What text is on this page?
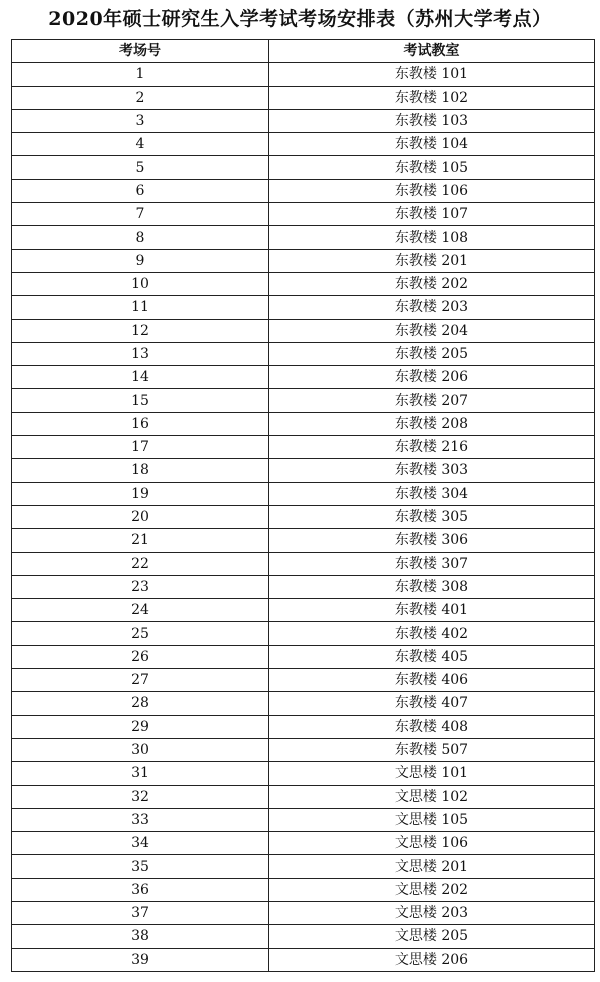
2020年硕士研究生入学考试考场安排表（苏州大学考点）
考场号	考试教室
1	东教楼 101
2	东教楼 102
3	东教楼 103
4	东教楼 104
5	东教楼 105
6	东教楼 106
7	东教楼 107
8	东教楼 108
9	东教楼 201
10	东教楼 202
11	东教楼 203
12	东教楼 204
13	东教楼 205
14	东教楼 206
15	东教楼 207
16	东教楼 208
17	东教楼 216
18	东教楼 303
19	东教楼 304
20	东教楼 305
21	东教楼 306
22	东教楼 307
23	东教楼 308
24	东教楼 401
25	东教楼 402
26	东教楼 405
27	东教楼 406
28	东教楼 407
29	东教楼 408
30	东教楼 507
31	文思楼 101
32	文思楼 102
33	文思楼 105
34	文思楼 106
35	文思楼 201
36	文思楼 202
37	文思楼 203
38	文思楼 205
39	文思楼 206
